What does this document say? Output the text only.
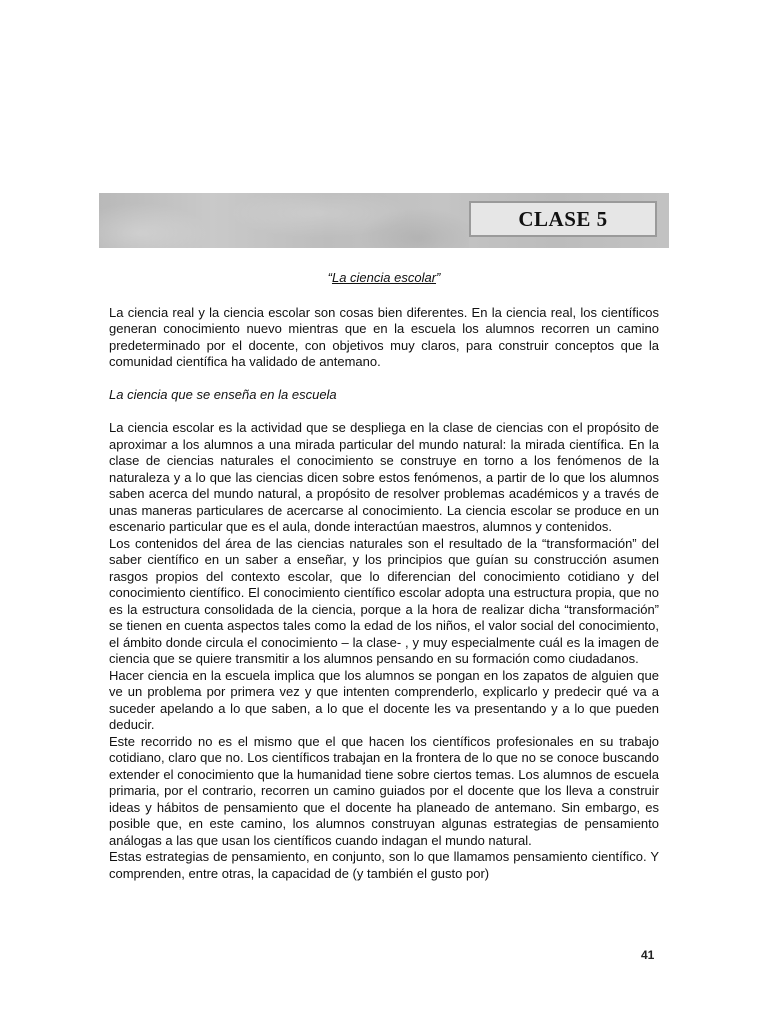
CLASE 5

“La ciencia escolar”

La ciencia real y la ciencia escolar son cosas bien diferentes. En la ciencia real, los científicos generan conocimiento nuevo mientras que en la escuela los alumnos recorren un camino predeterminado por el docente, con objetivos muy claros, para construir conceptos que la comunidad científica ha validado de antemano.

La ciencia que se enseña en la escuela

La ciencia escolar es la actividad que se despliega en la clase de ciencias con el propósito de aproximar a los alumnos a una mirada particular del mundo natural: la mirada científica. En la clase de ciencias naturales el conocimiento se construye en torno a los fenómenos de la naturaleza y a lo que las ciencias dicen sobre estos fenómenos, a partir de lo que los alumnos saben acerca del mundo natural, a propósito de resolver problemas académicos y a través de unas maneras particulares de acercarse al conocimiento. La ciencia escolar se produce en un escenario particular que es el aula, donde interactúan maestros, alumnos y contenidos.

Los contenidos del área de las ciencias naturales son el resultado de la “transformación” del saber científico en un saber a enseñar, y los principios que guían su construcción asumen rasgos propios del contexto escolar, que lo diferencian del conocimiento cotidiano y del conocimiento científico. El conocimiento científico escolar adopta una estructura propia, que no es la estructura consolidada de la ciencia, porque a la hora de realizar dicha “transformación” se tienen en cuenta aspectos tales como la edad de los niños, el valor social del conocimiento, el ámbito donde circula el conocimiento – la clase- , y muy especialmente cuál es la imagen de ciencia que se quiere transmitir a los alumnos pensando en su formación como ciudadanos.

Hacer ciencia en la escuela implica que los alumnos se pongan en los zapatos de alguien que ve un problema por primera vez y que intenten comprenderlo, explicarlo y predecir qué va a suceder apelando a lo que saben, a lo que el docente les va presentando y a lo que pueden deducir.

Este recorrido no es el mismo que el que hacen los científicos profesionales en su trabajo cotidiano, claro que no. Los científicos trabajan en la frontera de lo que no se conoce buscando extender el conocimiento que la humanidad tiene sobre ciertos temas. Los alumnos de escuela primaria, por el contrario, recorren un camino guiados por el docente que los lleva a construir ideas y hábitos de pensamiento que el docente ha planeado de antemano. Sin embargo, es posible que, en este camino, los alumnos construyan algunas estrategias de pensamiento análogas a las que usan los científicos cuando indagan el mundo natural.

Estas estrategias de pensamiento, en conjunto, son lo que llamamos pensamiento científico. Y comprenden, entre otras, la capacidad de (y también el gusto por)

41
